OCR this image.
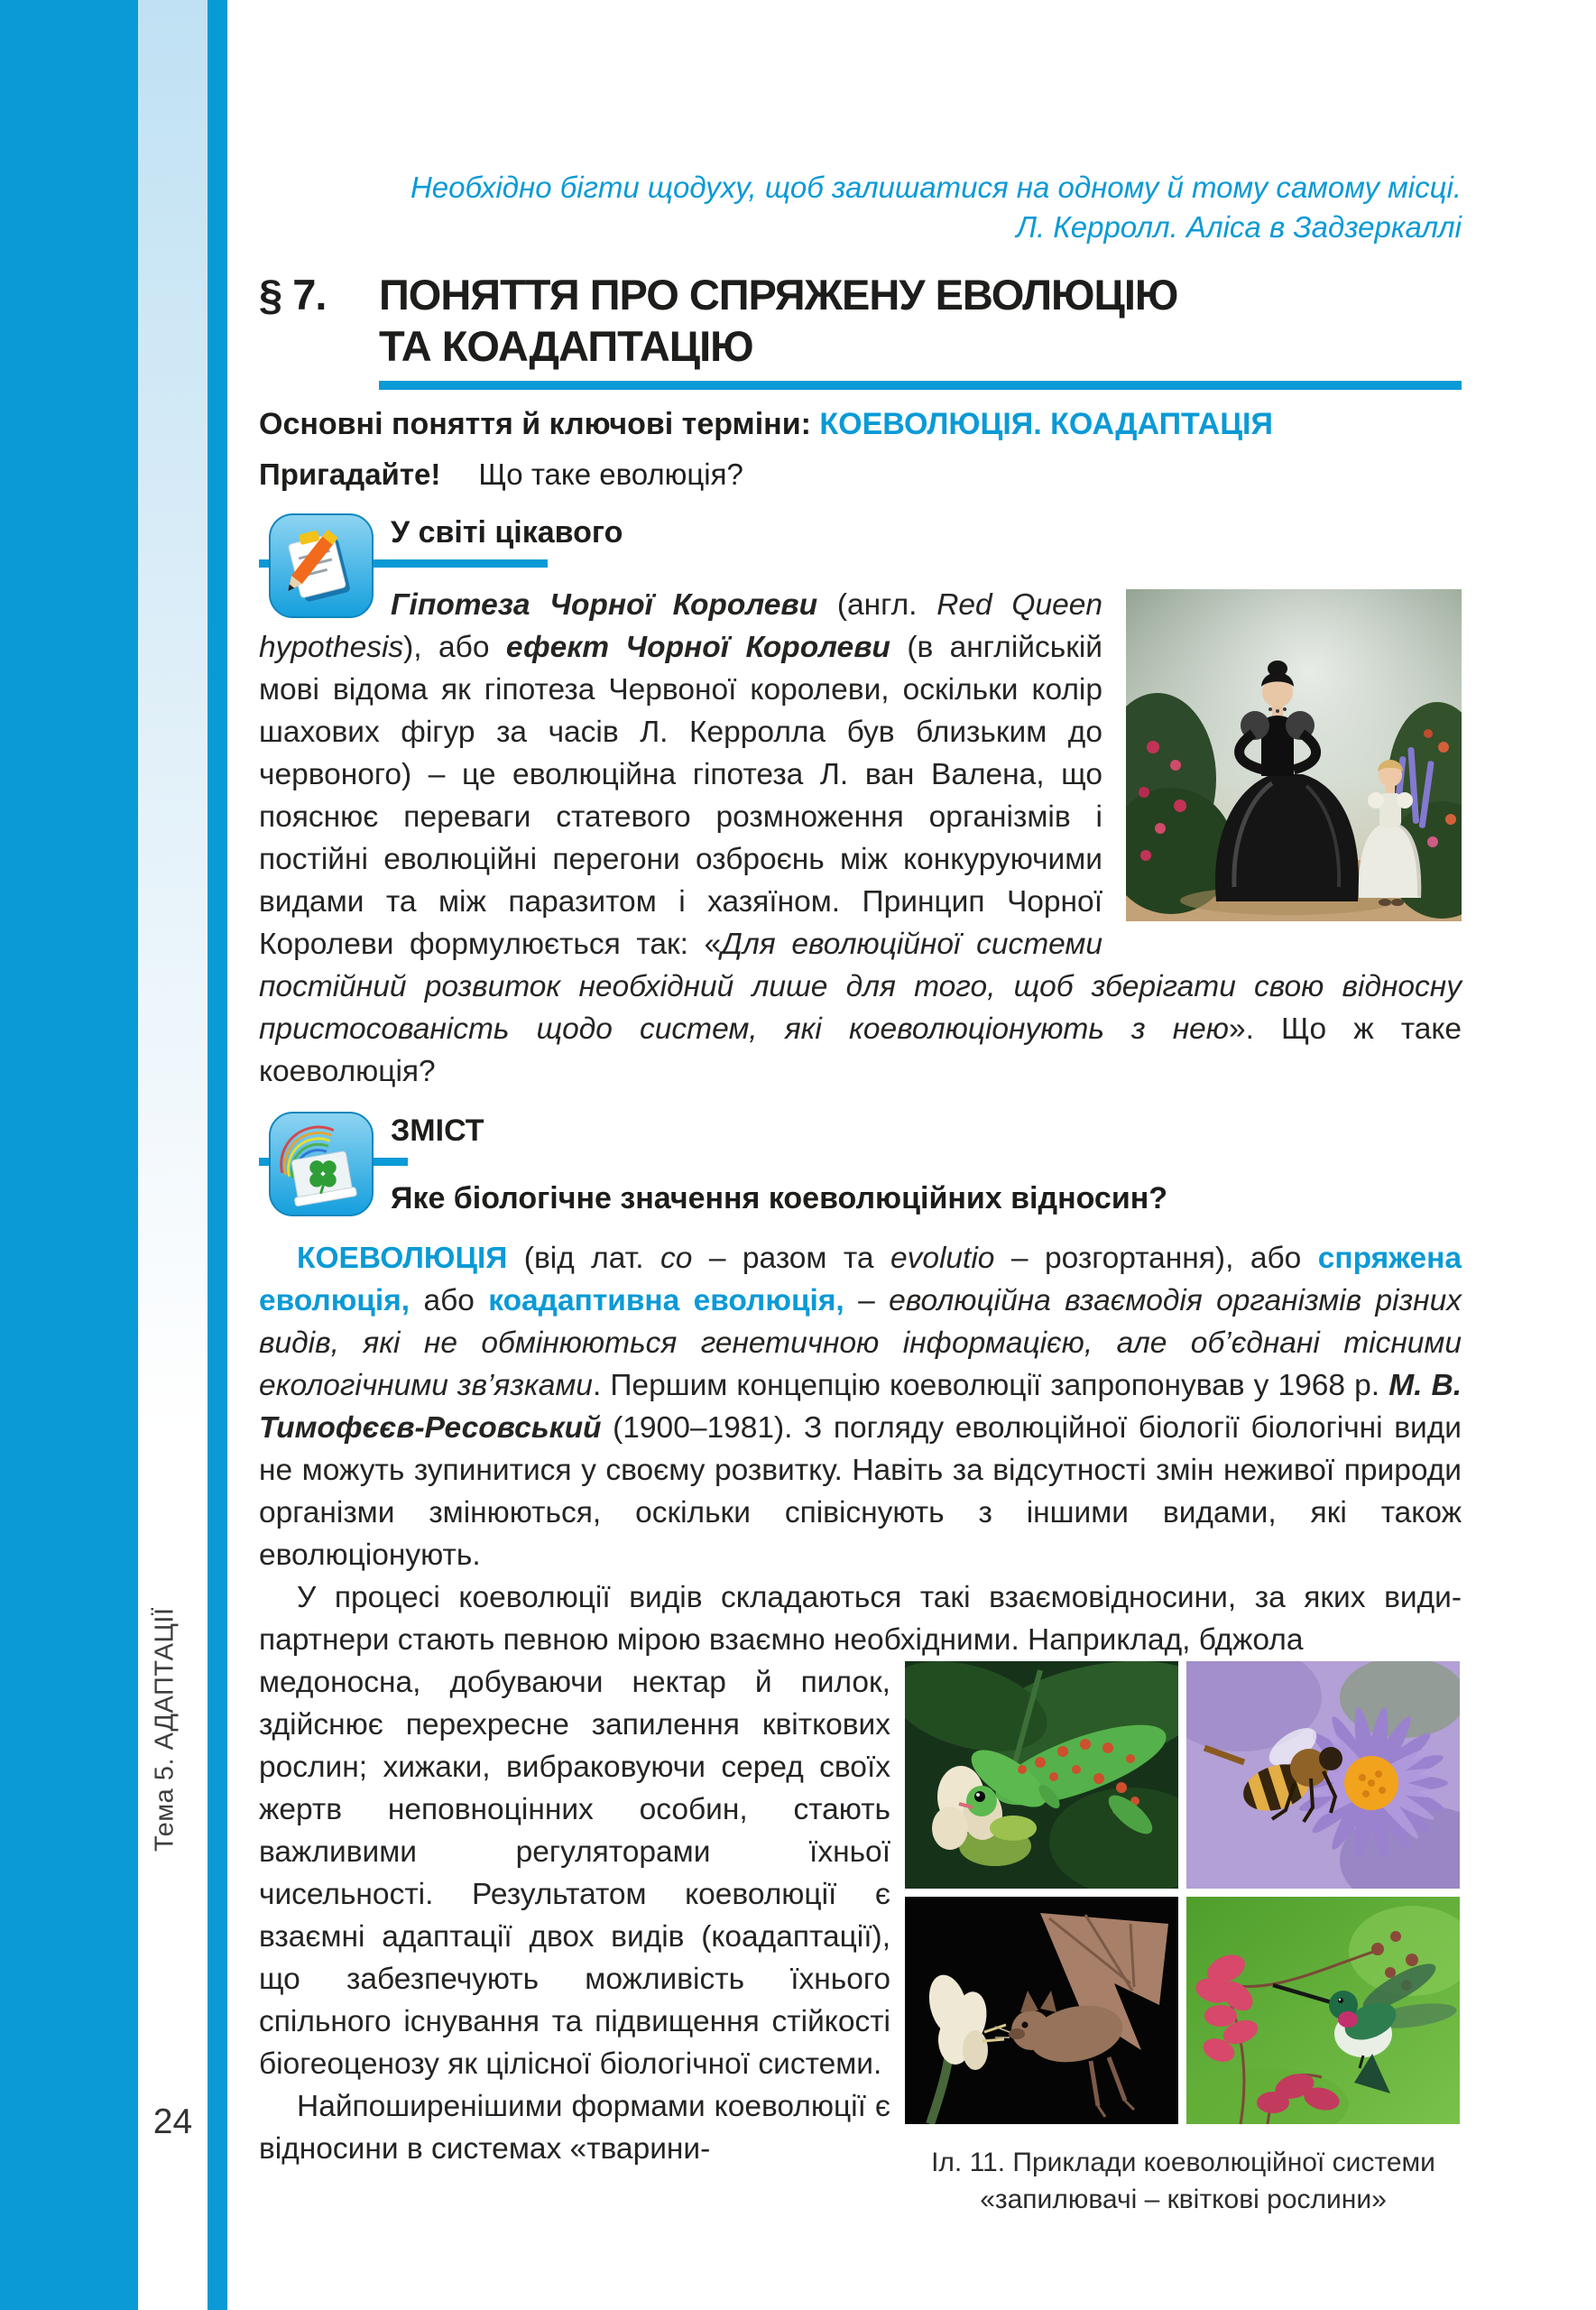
Тема 5. АДАПТАЦІЇ
24
Необхідно бігти щодуху, щоб залишатися на одному й тому самому місці.
Л. Керролл. Аліса в Задзеркаллі
§ 7.	ПОНЯТТЯ ПРО СПРЯЖЕНУ ЕВОЛЮЦІЮ
ТА КОАДАПТАЦІЮ
Основні поняття й ключові терміни: КОЕВОЛЮЦІЯ. КОАДАПТАЦІЯ
Пригадайте! Що таке еволюція?
У світі цікавого

Гіпотеза Чорної Королеви (англ. Red Queen hypothesis), або ефект Чорної Королеви (в англійській мові відома як гіпотеза Червоної королеви, оскільки колір шахових фігур за часів Л. Керролла був близьким до червоного) – це еволюційна гіпотеза Л. ван Валена, що пояснює переваги статевого розмноження організмів і постійні еволюційні перегони озброєнь між конкуруючими видами та між паразитом і хазяїном. Принцип Чорної Королеви формулюється так: «Для еволюційної системи постійний розвиток необхідний лише для того, щоб зберігати свою відносну пристосованість щодо систем, які коеволюціонують з нею». Що ж таке коеволюція?

ЗМІСТ
Яке біологічне значення коеволюційних відносин?

КОЕВОЛЮЦІЯ (від лат. co – разом та evolutio – розгортання), або спряжена еволюція, або коадаптивна еволюція, – еволюційна взаємодія організмів різних видів, які не обмінюються генетичною інформацією, але об’єднані тісними екологічними зв’язками. Першим концепцію коеволюції запропонував у 1968 р. М. В. Тимофєєв-Ресовський (1900–1981). З погляду еволюційної біології біологічні види не можуть зупинитися у своєму розвитку. Навіть за відсутності змін неживої природи організми змінюються, оскільки співіснують з іншими видами, які також еволюціонують.

У процесі коеволюції видів складаються такі взаємовідносини, за яких види-партнери стають певною мірою взаємно необхідними. Наприклад, бджола

медоносна, добуваючи нектар й пилок, здійснює перехресне запилення квіткових рослин; хижаки, вибраковуючи серед своїх жертв неповноцінних особин, стають важливими регуляторами їхньої чисельності. Результатом коеволюції є взаємні адаптації двох видів (коадаптації), що забезпечують можливість їхнього спільного існування та підвищення стійкості біогеоценозу як цілісної біологічної системи.

Найпоширенішими формами коеволюції є відносини в системах «тварини-	Іл. 11. Приклади коеволюційної системи
«запилювачі – квіткові рослини»
